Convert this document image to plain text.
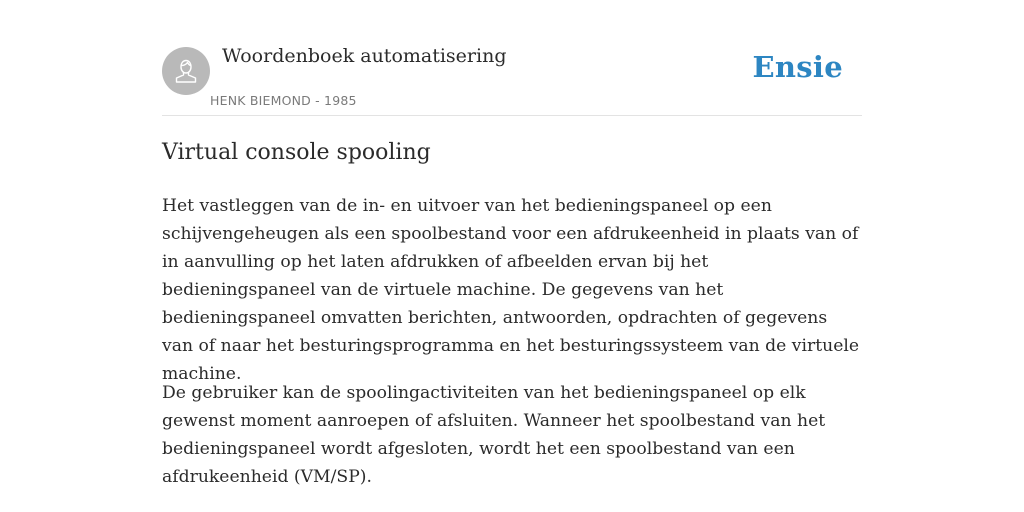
Woordenboek automatisering
HENK BIEMOND - 1985
Ensie
Virtual console spooling

Het vastleggen van de in- en uitvoer van het bedieningspaneel op een schijvengeheugen als een spoolbestand voor een afdrukeenheid in plaats van of in aanvulling op het laten afdrukken of afbeelden ervan bij het bedieningspaneel van de virtuele machine. De gegevens van het bedieningspaneel omvatten berichten, antwoorden, opdrachten of gegevens van of naar het besturingsprogramma en het besturingssysteem van de virtuele machine.

De gebruiker kan de spoolingactiviteiten van het bedieningspaneel op elk gewenst moment aanroepen of afsluiten. Wanneer het spoolbestand van het bedieningspaneel wordt afgesloten, wordt het een spoolbestand van een afdrukeenheid (VM/SP).
